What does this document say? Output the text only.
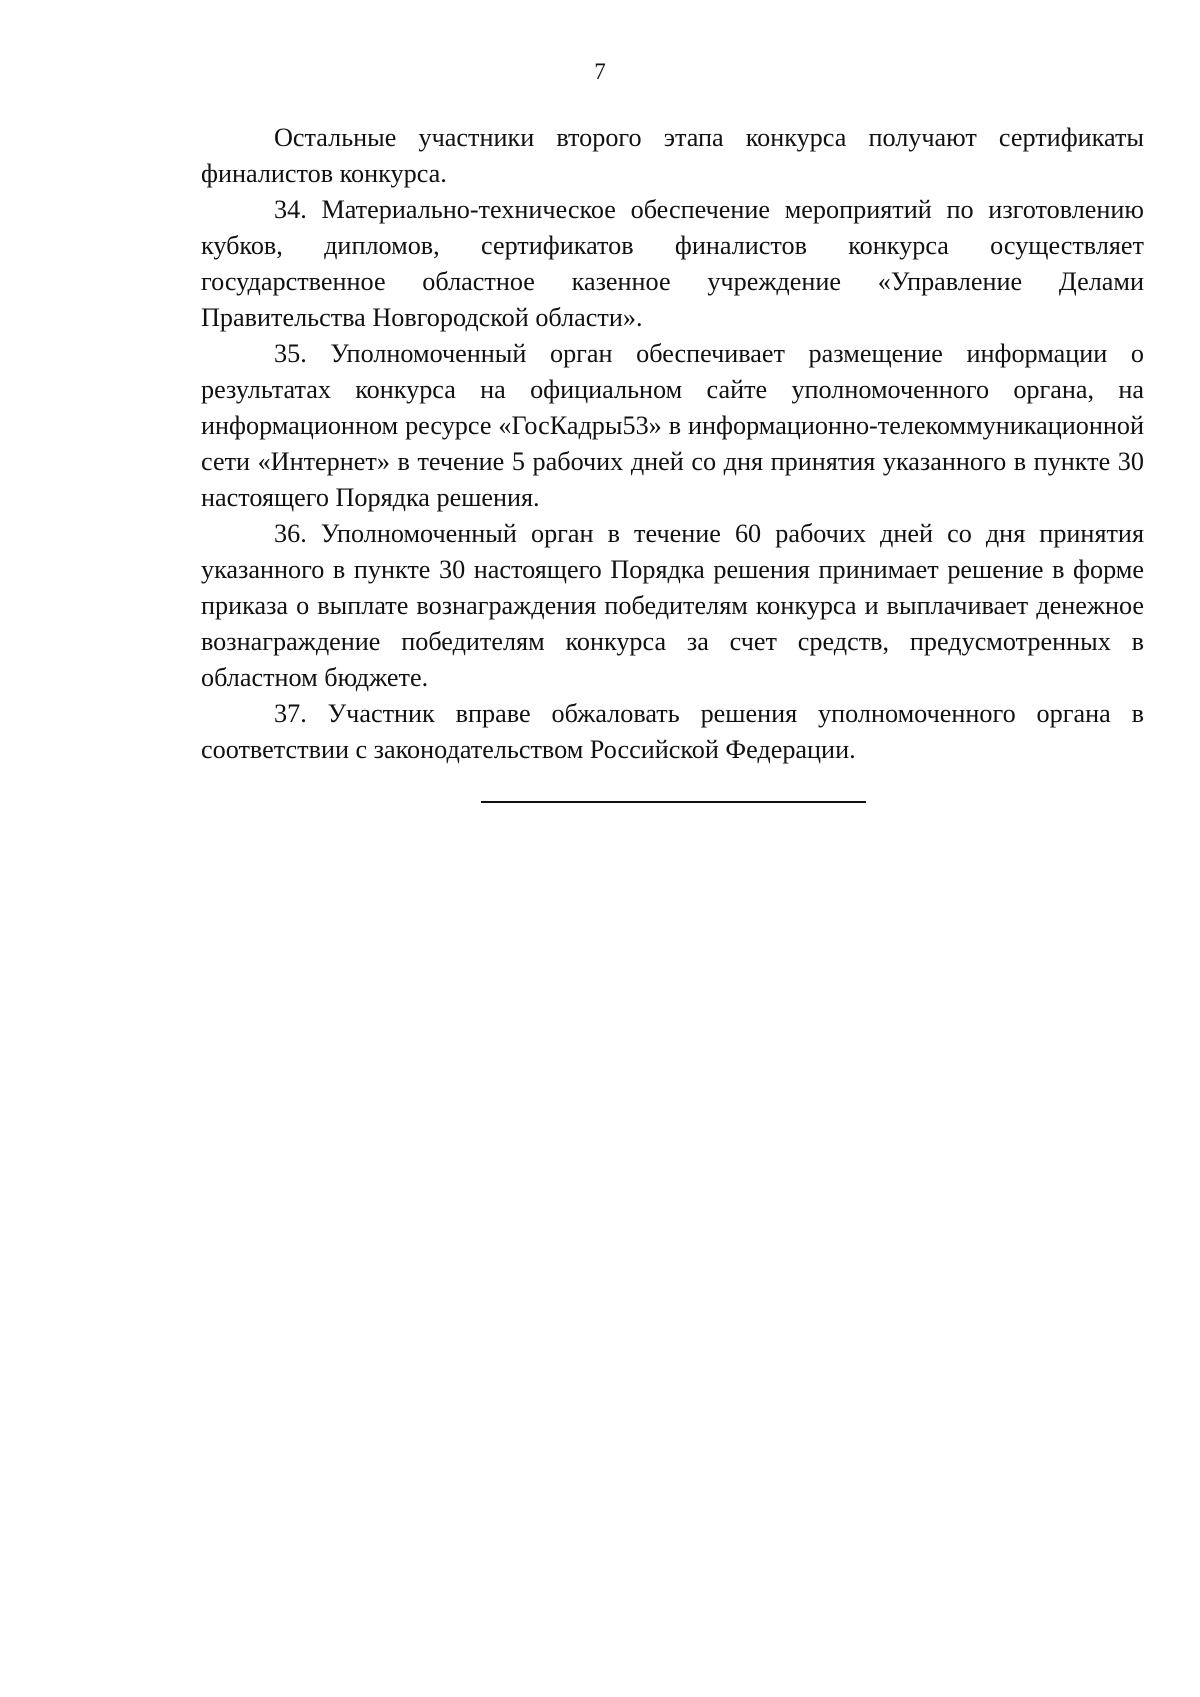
7

Остальные участники второго этапа конкурса получают сертификаты финалистов конкурса.

34. Материально-техническое обеспечение мероприятий по изготовлению кубков, дипломов, сертификатов финалистов конкурса осуществляет государственное областное казенное учреждение «Управление Делами Правительства Новгородской области».

35. Уполномоченный орган обеспечивает размещение информации о результатах конкурса на официальном сайте уполномоченного органа, на информационном ресурсе «ГосКадры53» в информационно-телекоммуникационной сети «Интернет» в течение 5 рабочих дней со дня принятия указанного в пункте 30 настоящего Порядка решения.

36. Уполномоченный орган в течение 60 рабочих дней со дня принятия указанного в пункте 30 настоящего Порядка решения принимает решение в форме приказа о выплате вознаграждения победителям конкурса и выплачивает денежное вознаграждение победителям конкурса за счет средств, предусмотренных в областном бюджете.

37. Участник вправе обжаловать решения уполномоченного органа в соответствии с законодательством Российской Федерации.
